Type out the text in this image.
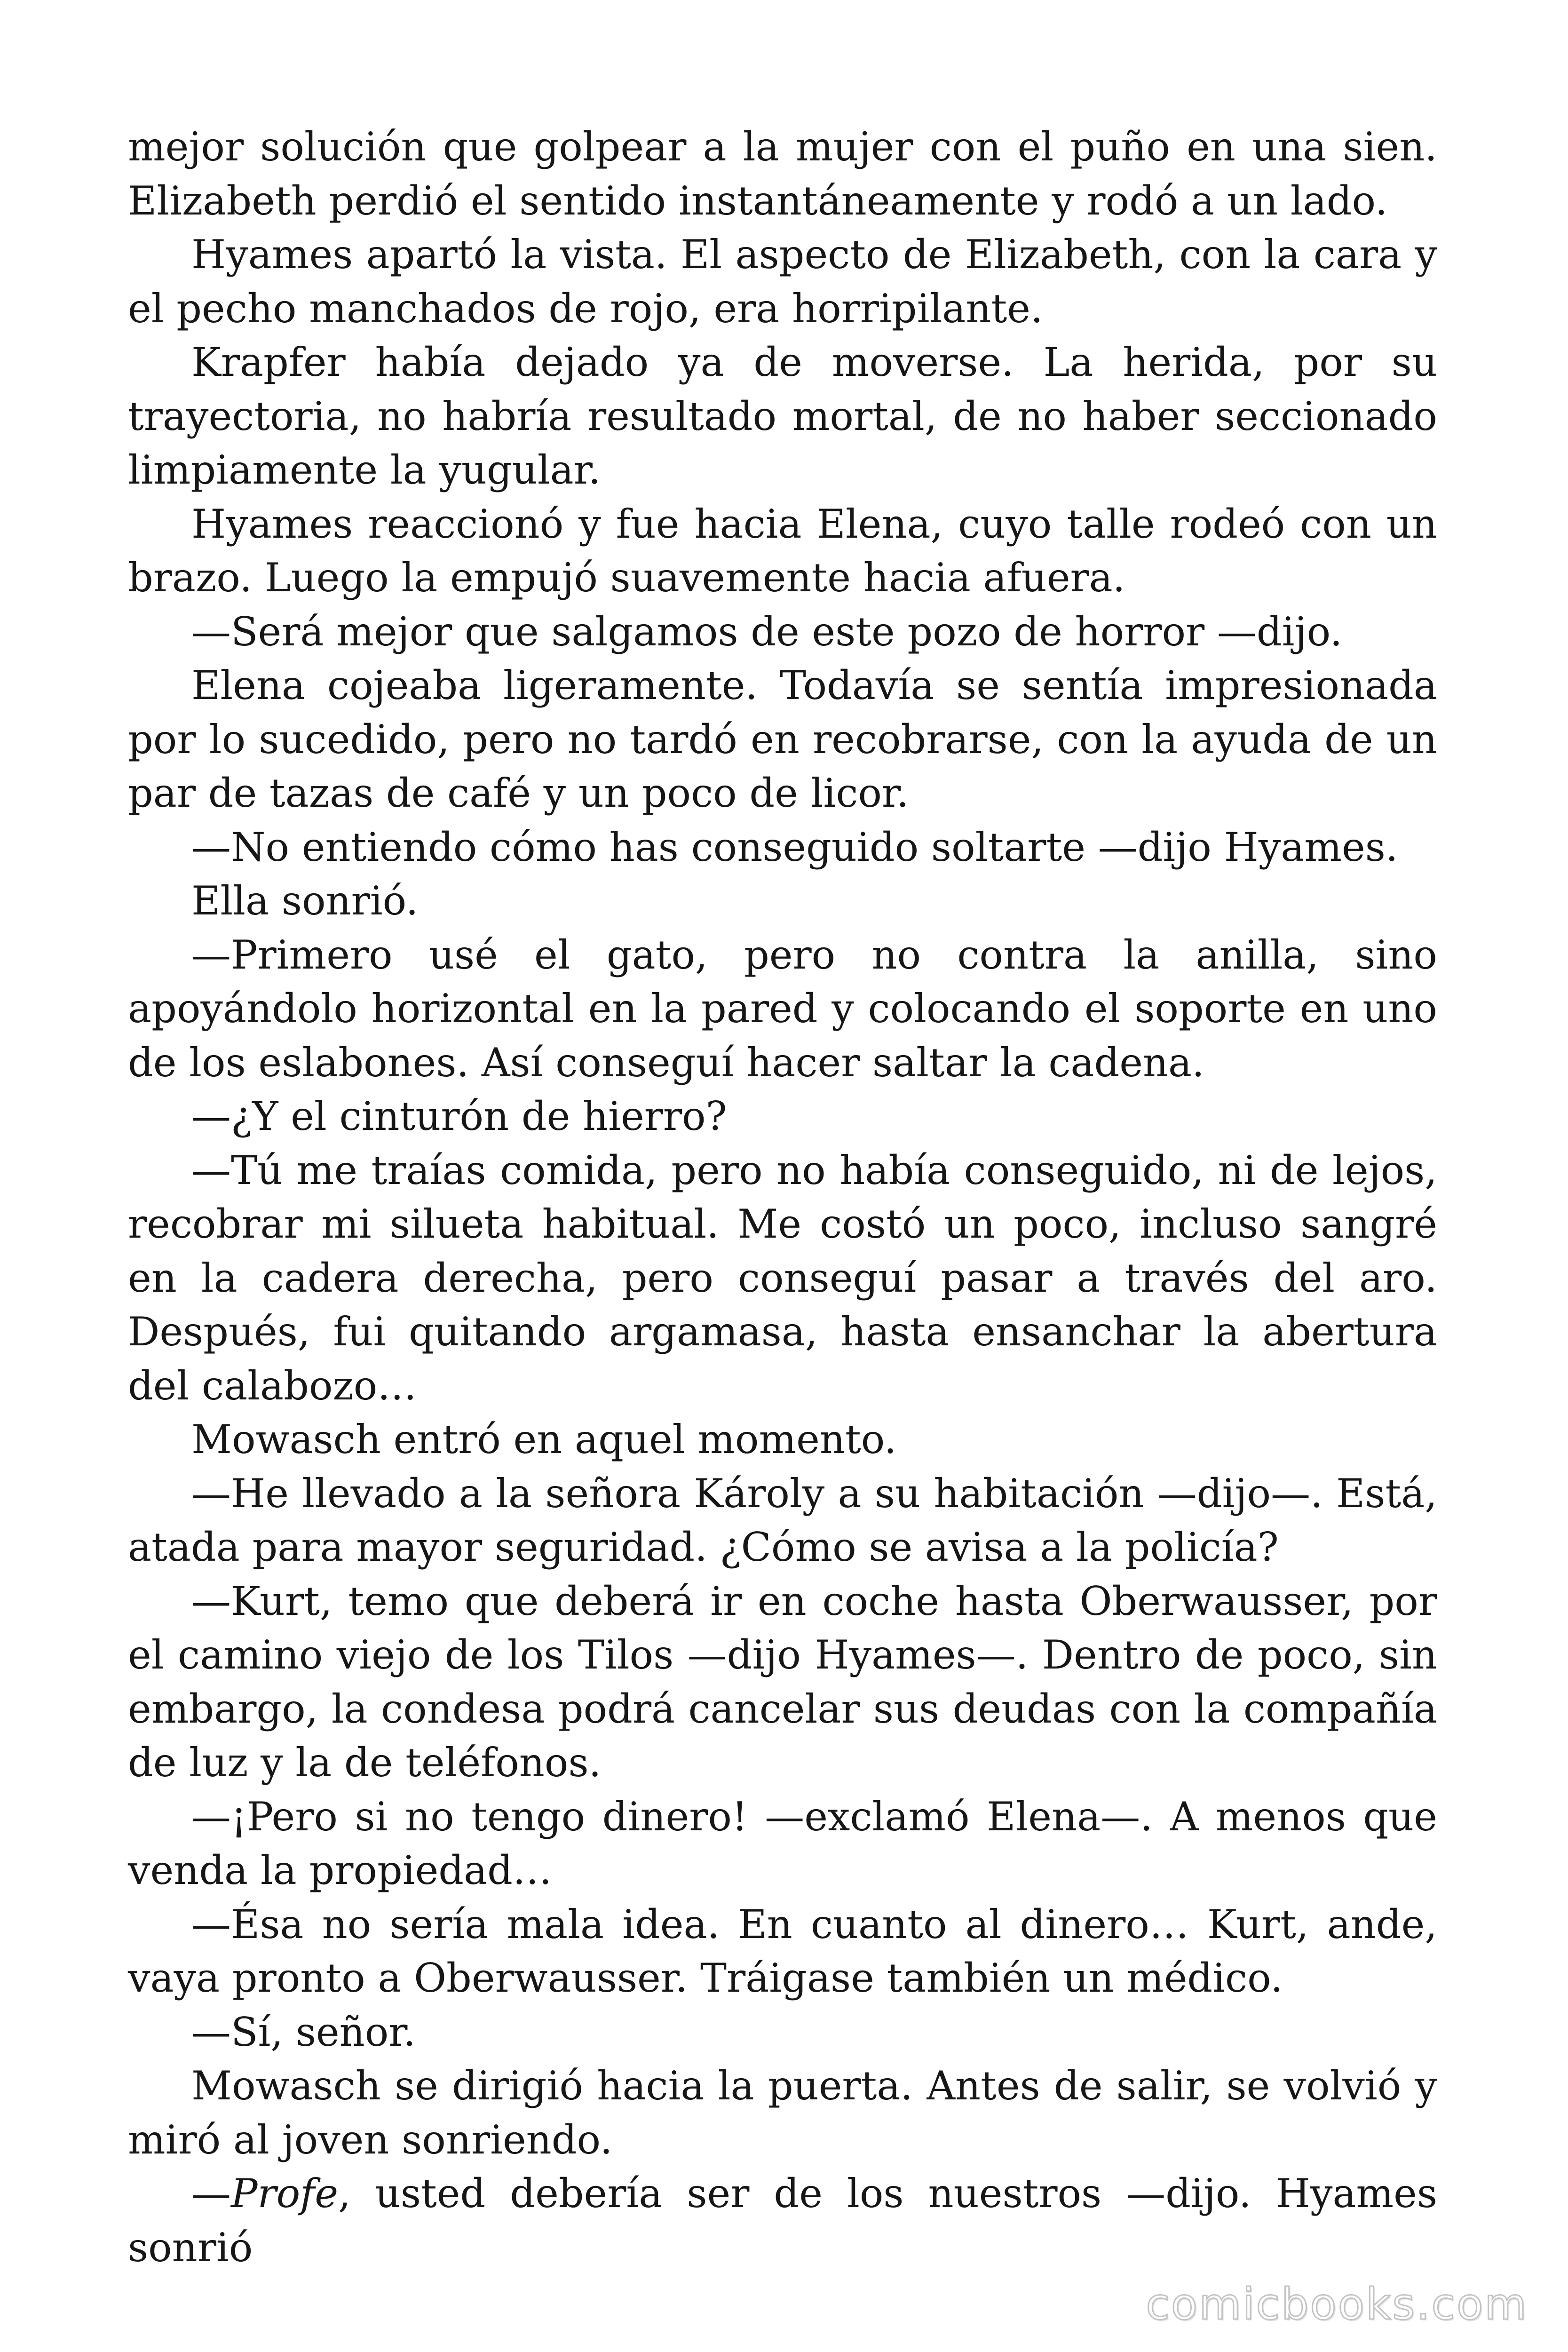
mejor solución que golpear a la mujer con el puño en una sien. Elizabeth perdió el sentido instantáneamente y rodó a un lado.

Hyames apartó la vista. El aspecto de Elizabeth, con la cara y el pecho manchados de rojo, era horripilante.

Krapfer había dejado ya de moverse. La herida, por su trayectoria, no habría resultado mortal, de no haber seccionado limpiamente la yugular.

Hyames reaccionó y fue hacia Elena, cuyo talle rodeó con un brazo. Luego la empujó suavemente hacia afuera.

—Será mejor que salgamos de este pozo de horror —dijo.

Elena cojeaba ligeramente. Todavía se sentía impresionada por lo sucedido, pero no tardó en recobrarse, con la ayuda de un par de tazas de café y un poco de licor.

—No entiendo cómo has conseguido soltarte —dijo Hyames.

Ella sonrió.

—Primero usé el gato, pero no contra la anilla, sino apoyándolo horizontal en la pared y colocando el soporte en uno de los eslabones. Así conseguí hacer saltar la cadena.

—¿Y el cinturón de hierro?

—Tú me traías comida, pero no había conseguido, ni de lejos, recobrar mi silueta habitual. Me costó un poco, incluso sangré en la cadera derecha, pero conseguí pasar a través del aro. Después, fui quitando argamasa, hasta ensanchar la abertura del calabozo…

Mowasch entró en aquel momento.

—He llevado a la señora Károly a su habitación —dijo—. Está, atada para mayor seguridad. ¿Cómo se avisa a la policía?

—Kurt, temo que deberá ir en coche hasta Oberwausser, por el camino viejo de los Tilos —dijo Hyames—. Dentro de poco, sin embargo, la condesa podrá cancelar sus deudas con la compañía de luz y la de teléfonos.

—¡Pero si no tengo dinero! —exclamó Elena—. A menos que venda la propiedad…

—Ésa no sería mala idea. En cuanto al dinero… Kurt, ande, vaya pronto a Oberwausser. Tráigase también un médico.

—Sí, señor.

Mowasch se dirigió hacia la puerta. Antes de salir, se volvió y miró al joven sonriendo.

—Profe, usted debería ser de los nuestros —dijo. Hyames sonrió

comicbooks.com
